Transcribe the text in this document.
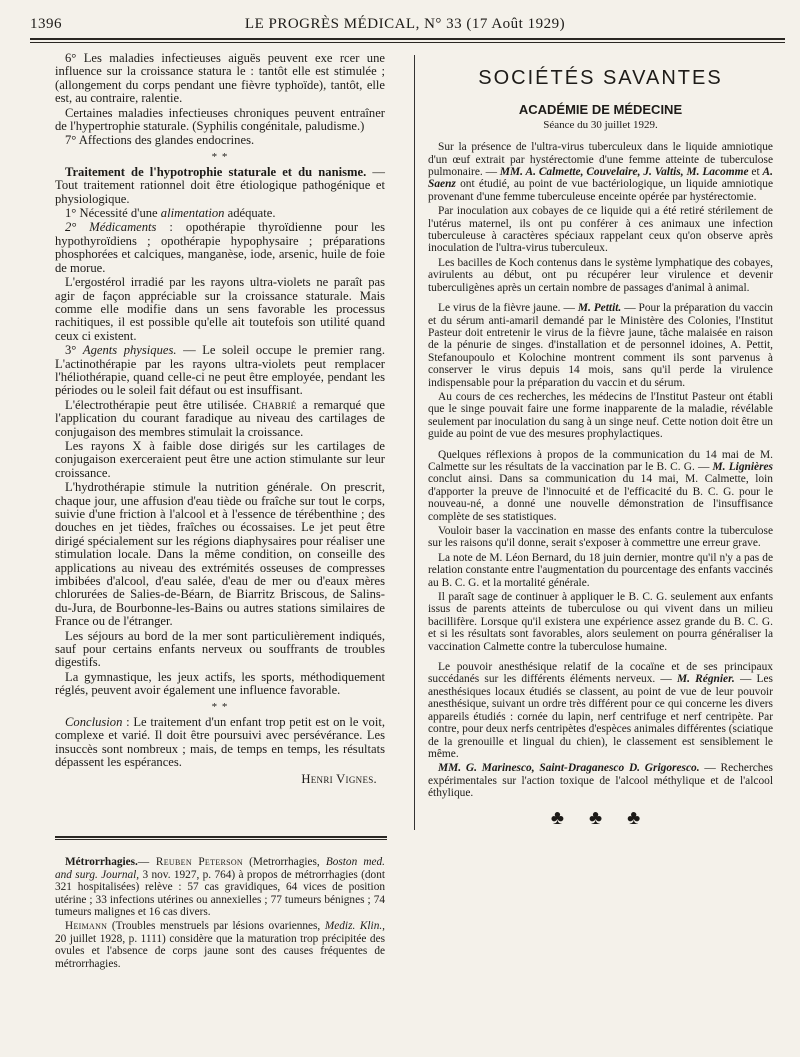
1396	LE PROGRÈS MÉDICAL, N° 33 (17 Août 1929)

6° Les maladies infectieuses aiguës peuvent exe rcer une influence sur la croissance statura le : tantôt elle est stimulée ; (allongement du corps pendant une fièvre typhoïde), tantôt, elle est, au contraire, ralentie.

Certaines maladies infectieuses chroniques peuvent entraîner de l'hypertrophie staturale. (Syphilis congénitale, paludisme.)

7° Affections des glandes endocrines.

* *

Traitement de l'hypotrophie staturale et du nanisme. — Tout traitement rationnel doit être étiologique pathogénique et physiologique.

1° Nécessité d'une alimentation adéquate.

2° Médicaments : opothérapie thyroïdienne pour les hypothyroïdiens ; opothérapie hypophysaire ; préparations phosphorées et calciques, manganèse, iode, arsenic, huile de foie de morue.

L'ergostérol irradié par les rayons ultra-violets ne paraît pas agir de façon appréciable sur la croissance staturale. Mais comme elle modifie dans un sens favorable les processus rachitiques, il est possible qu'elle ait toutefois son utilité quand ceux ci existent.

3° Agents physiques. — Le soleil occupe le premier rang. L'actinothérapie par les rayons ultra-violets peut remplacer l'héliothérapie, quand celle-ci ne peut être employée, pendant les périodes ou le soleil fait défaut ou est insuffisant.

L'électrothérapie peut être utilisée. Chabrié a remarqué que l'application du courant faradique au niveau des cartilages de conjugaison des membres stimulait la croissance.

Les rayons X à faible dose dirigés sur les cartilages de conjugaison exerceraient peut être une action stimulante sur leur croissance.

L'hydrothérapie stimule la nutrition générale. On prescrit, chaque jour, une affusion d'eau tiède ou fraîche sur tout le corps, suivie d'une friction à l'alcool et à l'essence de térébenthine ; des douches en jet tièdes, fraîches ou écossaises. Le jet peut être dirigé spécialement sur les régions diaphysaires pour réaliser une stimulation locale. Dans la même condition, on conseille des applications au niveau des extrémités osseuses de compresses imbibées d'alcool, d'eau salée, d'eau de mer ou d'eaux mères chlorurées de Salies-de-Béarn, de Biarritz Briscous, de Salins-du-Jura, de Bourbonne-les-Bains ou autres stations similaires de France ou de l'étranger.

Les séjours au bord de la mer sont particulièrement indiqués, sauf pour certains enfants nerveux ou souffrants de troubles digestifs.

La gymnastique, les jeux actifs, les sports, méthodiquement réglés, peuvent avoir également une influence favorable.

* *

Conclusion : Le traitement d'un enfant trop petit est on le voit, complexe et varié. Il doit être poursuivi avec persévérance. Les insuccès sont nombreux ; mais, de temps en temps, les résultats dépassent les espérances.

Henri Vignes.

Métrorrhagies.— Reuben Peterson (Metrorrhagies, Boston med. and surg. Journal, 3 nov. 1927, p. 764) à propos de métrorrhagies (dont 321 hospitalisées) relève : 57 cas gravidiques, 64 vices de position utérine ; 33 infections utérines ou annexielles ; 77 tumeurs bénignes ; 74 tumeurs malignes et 16 cas divers.

Heimann (Troubles menstruels par lésions ovariennes, Mediz. Klin., 20 juillet 1928, p. 1111) considère que la maturation trop précipitée des ovules et l'absence de corps jaune sont des causes fréquentes de métrorrhagies.

SOCIÉTÉS SAVANTES
ACADÉMIE DE MÉDECINE
Séance du 30 juillet 1929.

Sur la présence de l'ultra-virus tuberculeux dans le liquide amniotique d'un œuf extrait par hystérectomie d'une femme atteinte de tuberculose pulmonaire. — MM. A. Calmette, Couvelaire, J. Valtis, M. Lacomme et A. Saenz ont étudié, au point de vue bactériologique, un liquide amniotique provenant d'une femme tuberculeuse enceinte opérée par hystérectomie.

Par inoculation aux cobayes de ce liquide qui a été retiré stérilement de l'utérus maternel, ils ont pu conférer à ces animaux une infection tuberculeuse à caractères spéciaux rappelant ceux qu'on observe après inoculation de l'ultra-virus tuberculeux.

Les bacilles de Koch contenus dans le système lymphatique des cobayes, avirulents au début, ont pu récupérer leur virulence et devenir tuberculigènes après un certain nombre de passages d'animal à animal.

Le virus de la fièvre jaune. — M. Pettit. — Pour la préparation du vaccin et du sérum anti-amaril demandé par le Ministère des Colonies, l'Institut Pasteur doit entretenir le virus de la fièvre jaune, tâche malaisée en raison de la pénurie de singes. d'installation et de personnel idoines, A. Pettit, Stefanoupoulo et Kolochine montrent comment ils sont parvenus à conserver le virus depuis 14 mois, sans qu'il perde la virulence indispensable pour la préparation du vaccin et du sérum.

Au cours de ces recherches, les médecins de l'Institut Pasteur ont établi que le singe pouvait faire une forme inapparente de la maladie, révélable seulement par inoculation du sang à un singe neuf. Cette notion doit être un guide au point de vue des mesures prophylactiques.

Quelques réflexions à propos de la communication du 14 mai de M. Calmette sur les résultats de la vaccination par le B. C. G. — M. Lignières conclut ainsi. Dans sa communication du 14 mai, M. Calmette, loin d'apporter la preuve de l'innocuité et de l'efficacité du B. C. G. pour le nouveau-né, a donné une nouvelle démonstration de l'insuffisance complète de ses statistiques.

Vouloir baser la vaccination en masse des enfants contre la tuberculose sur les raisons qu'il donne, serait s'exposer à commettre une erreur grave.

La note de M. Léon Bernard, du 18 juin dernier, montre qu'il n'y a pas de relation constante entre l'augmentation du pourcentage des enfants vaccinés au B. C. G. et la mortalité générale.

Il paraît sage de continuer à appliquer le B. C. G. seulement aux enfants issus de parents atteints de tuberculose ou qui vivent dans un milieu bacillifère. Lorsque qu'il existera une expérience assez grande du B. C. G. et si les résultats sont favorables, alors seulement on pourra généraliser la vaccination Calmette contre la tuberculose humaine.

Le pouvoir anesthésique relatif de la cocaïne et de ses principaux succédanés sur les différents éléments nerveux. — M. Régnier. — Les anesthésiques locaux étudiés se classent, au point de vue de leur pouvoir anesthésique, suivant un ordre très différent pour ce qui concerne les divers appareils étudiés : cornée du lapin, nerf centrifuge et nerf centripète. Par contre, pour deux nerfs centripètes d'espèces animales différentes (sciatique de la grenouille et lingual du chien), le classement est sensiblement le même.

MM. G. Marinesco, Saint-Draganesco D. Grigoresco. — Recherches expérimentales sur l'action toxique de l'alcool méthylique et de l'alcool éthylique.

♣ ♣ ♣
